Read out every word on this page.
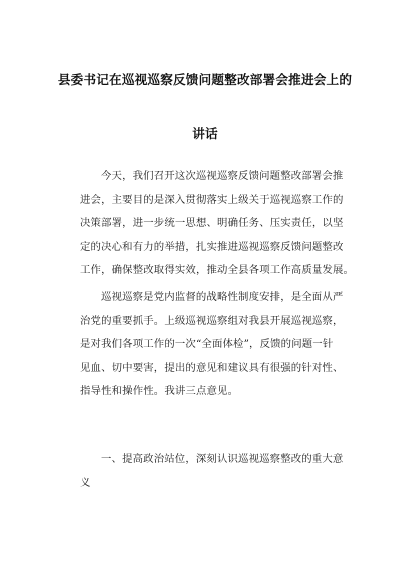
县委书记在巡视巡察反馈问题整改部署会推进会上的
讲话
今天，我们召开这次巡视巡察反馈问题整改部署会推
进会，主要目的是深入贯彻落实上级关于巡视巡察工作的
决策部署，进一步统一思想、明确任务、压实责任，以坚
定的决心和有力的举措，扎实推进巡视巡察反馈问题整改
工作，确保整改取得实效，推动全县各项工作高质量发展。
巡视巡察是党内监督的战略性制度安排，是全面从严
治党的重要抓手。上级巡视巡察组对我县开展巡视巡察，
是对我们各项工作的一次“全面体检”，反馈的问题一针
见血、切中要害，提出的意见和建议具有很强的针对性、
指导性和操作性。我讲三点意见。
一、提高政治站位，深刻认识巡视巡察整改的重大意
义
